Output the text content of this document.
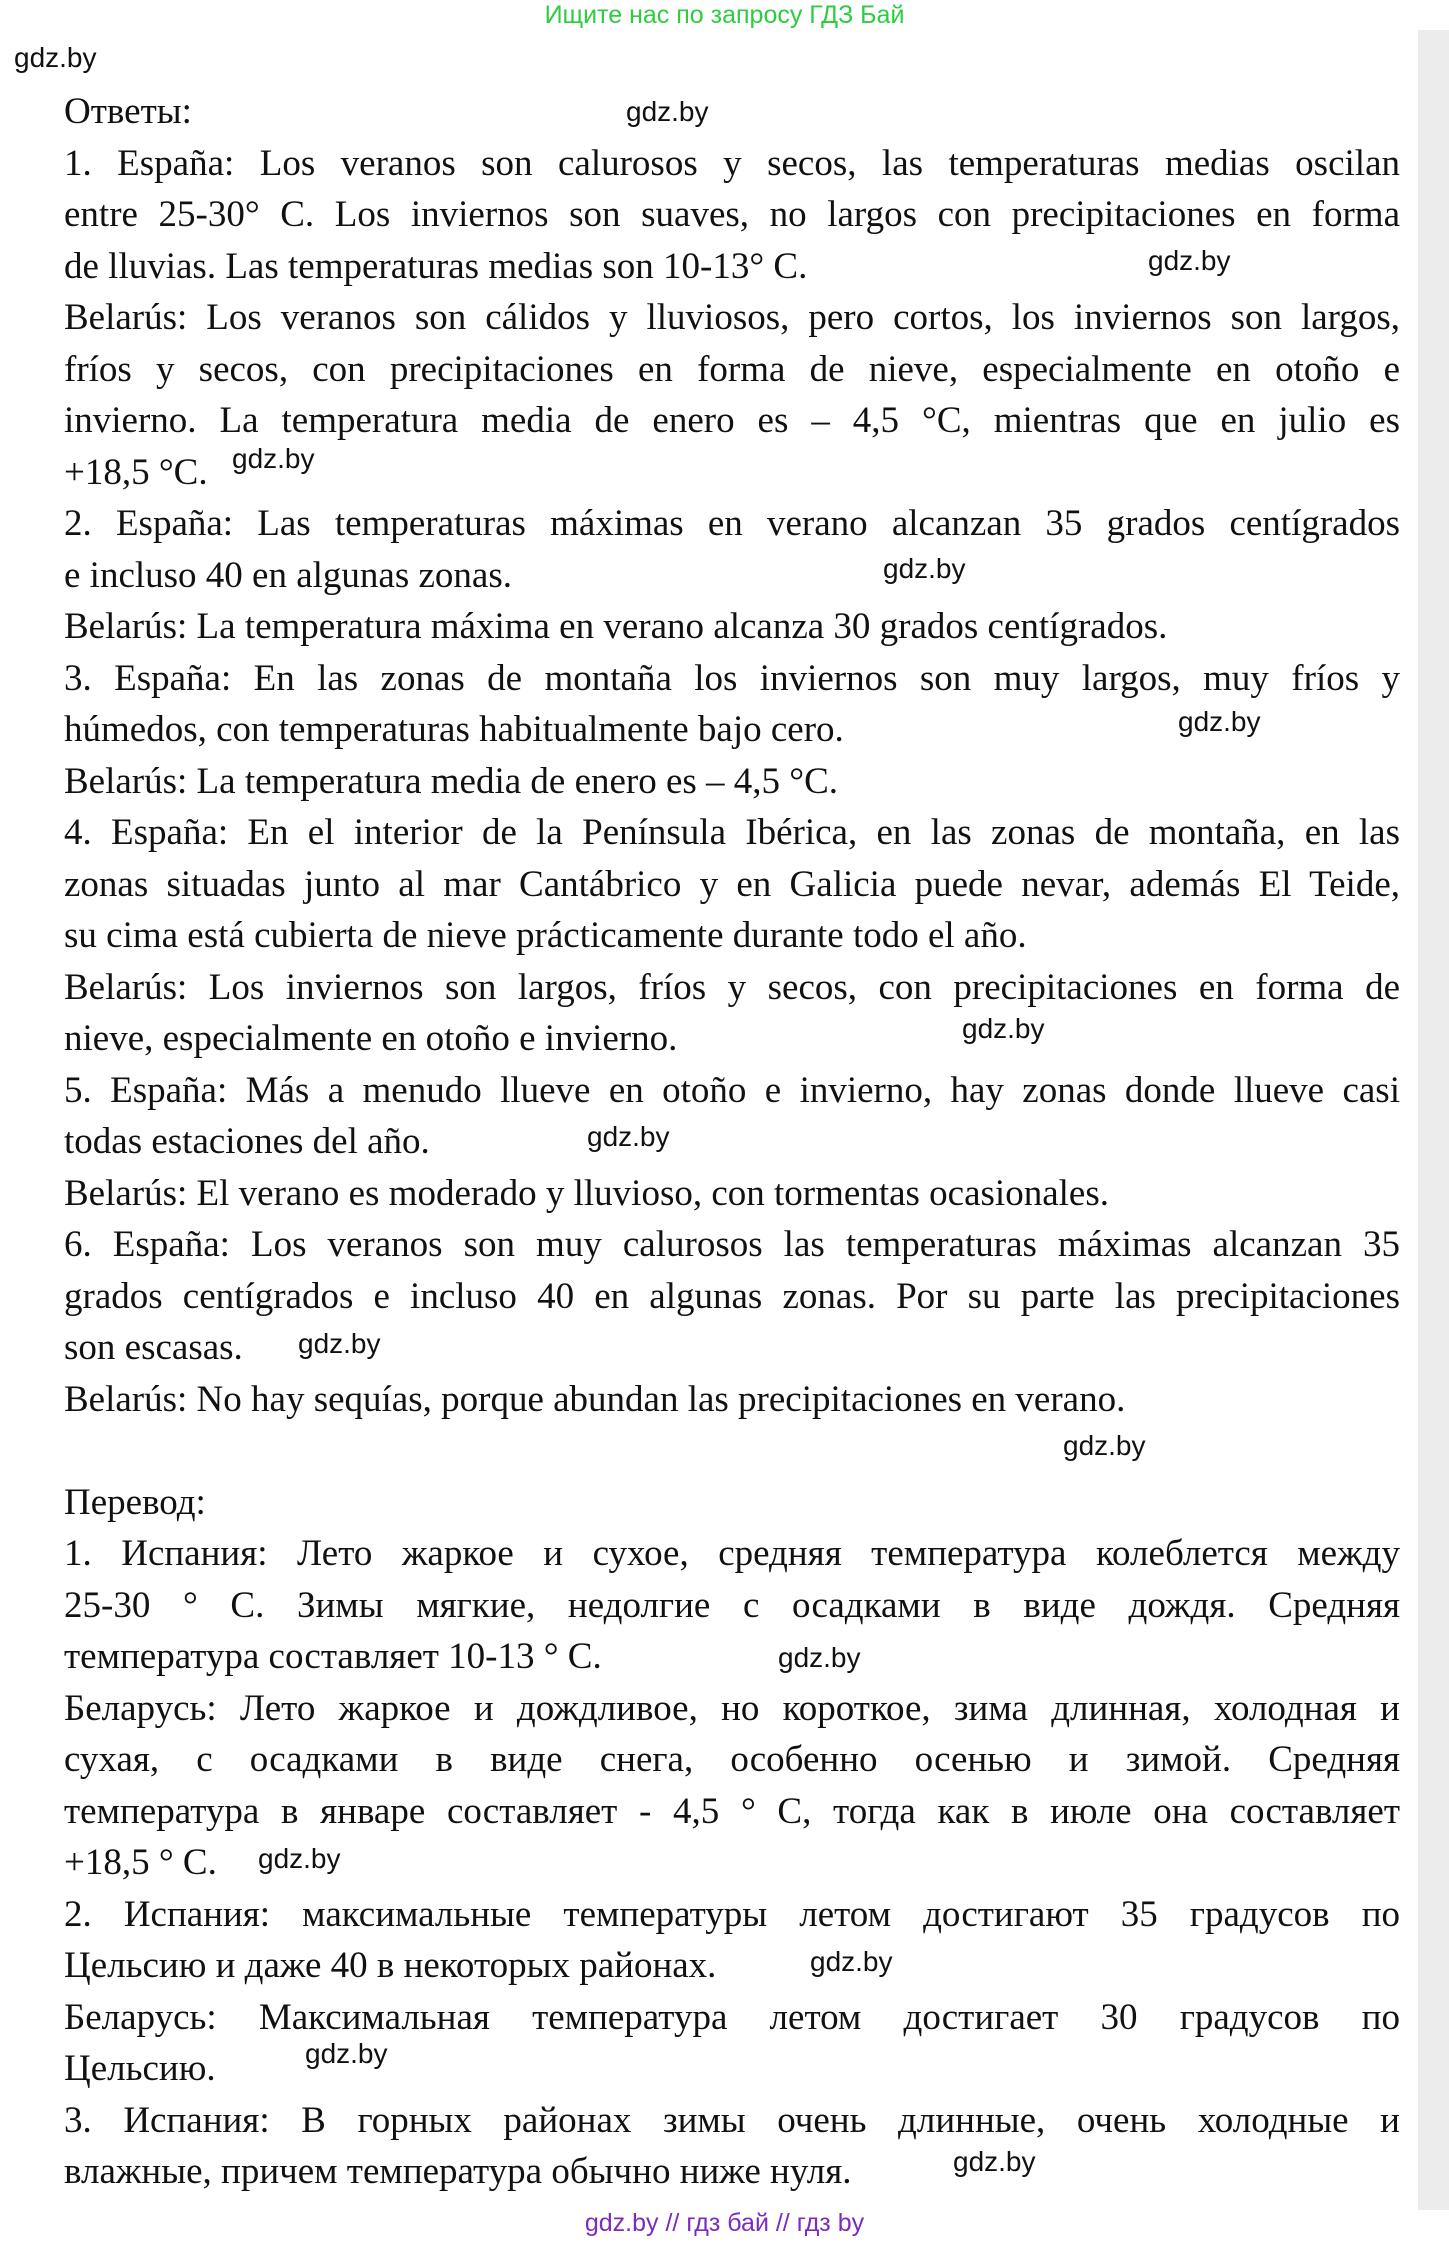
Ищите нас по запросу ГДЗ Бай
gdz.by
gdz.by
gdz.by
gdz.by
gdz.by
gdz.by
gdz.by
gdz.by
gdz.by
gdz.by
gdz.by
gdz.by
gdz.by
gdz.by
gdz.by
Ответы:
1. España: Los veranos son calurosos y secos, las temperaturas medias oscilan
entre 25-30° C. Los inviernos son suaves, no largos con precipitaciones en forma
de lluvias. Las temperaturas medias son 10-13° C.
Belarús: Los veranos son cálidos y lluviosos, pero cortos, los inviernos son largos,
fríos y secos, con precipitaciones en forma de nieve, especialmente en otoño e
invierno. La temperatura media de enero es – 4,5 °C, mientras que en julio es
+18,5 °C.
2. España: Las temperaturas máximas en verano alcanzan 35 grados centígrados
e incluso 40 en algunas zonas.
Belarús: La temperatura máxima en verano alcanza 30 grados centígrados.
3. España: En las zonas de montaña los inviernos son muy largos, muy fríos y
húmedos, con temperaturas habitualmente bajo cero.
Belarús: La temperatura media de enero es – 4,5 °C.
4. España: En el interior de la Península Ibérica, en las zonas de montaña, en las
zonas situadas junto al mar Cantábrico y en Galicia puede nevar, además El Teide,
su cima está cubierta de nieve prácticamente durante todo el año.
Belarús: Los inviernos son largos, fríos y secos, con precipitaciones en forma de
nieve, especialmente en otoño e invierno.
5. España: Más a menudo llueve en otoño e invierno, hay zonas donde llueve casi
todas estaciones del año.
Belarús: El verano es moderado y lluvioso, con tormentas ocasionales.
6. España: Los veranos son muy calurosos las temperaturas máximas alcanzan 35
grados centígrados e incluso 40 en algunas zonas. Por su parte las precipitaciones
son escasas.
Belarús: No hay sequías, porque abundan las precipitaciones en verano.
Перевод:
1. Испания: Лето жаркое и сухое, средняя температура колеблется между
25-30 ° C. Зимы мягкие, недолгие с осадками в виде дождя. Средняя
температура составляет 10-13 ° C.
Беларусь: Лето жаркое и дождливое, но короткое, зима длинная, холодная и
сухая, с осадками в виде снега, особенно осенью и зимой. Средняя
температура в январе составляет - 4,5 ° C, тогда как в июле она составляет
+18,5 ° C.
2. Испания: максимальные температуры летом достигают 35 градусов по
Цельсию и даже 40 в некоторых районах.
Беларусь: Максимальная температура летом достигает 30 градусов по
Цельсию.
3. Испания: В горных районах зимы очень длинные, очень холодные и
влажные, причем температура обычно ниже нуля.
gdz.by // гдз бай // гдз by
